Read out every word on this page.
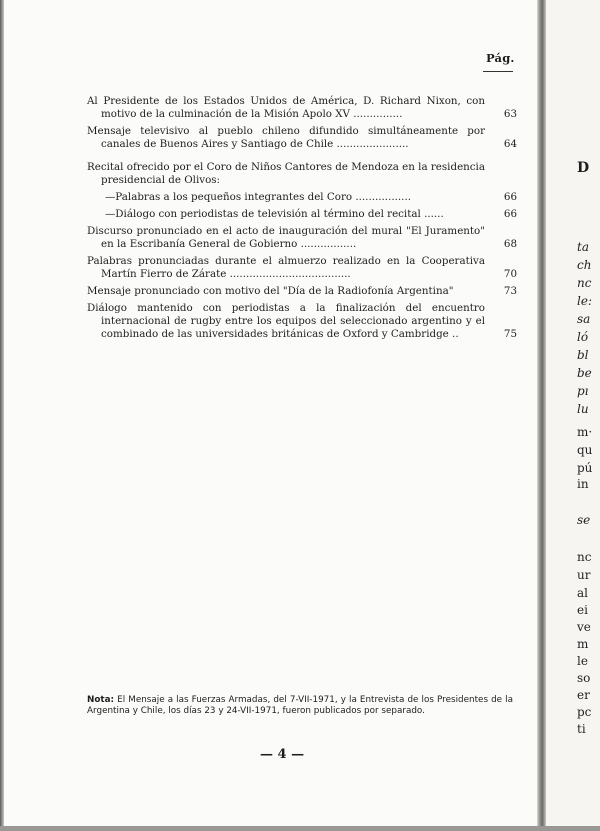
Pág.
Al Presidente de los Estados Unidos de América, D. Richard Nixon, con motivo de la culminación de la Misión Apolo XV ...............	63
Mensaje televisivo al pueblo chileno difundido simultáneamente por canales de Buenos Aires y Santiago de Chile ......................	64
Recital ofrecido por el Coro de Niños Cantores de Mendoza en la residencia presidencial de Olivos:
—Palabras a los pequeños integrantes del Coro .................	66
—Diálogo con periodistas de televisión al término del recital ......	66
Discurso pronunciado en el acto de inauguración del mural "El Juramento" en la Escribanía General de Gobierno .................	68
Palabras pronunciadas durante el almuerzo realizado en la Cooperativa Martín Fierro de Zárate .....................................	70
Mensaje pronunciado con motivo del "Día de la Radiofonía Argentina"	73
Diálogo mantenido con periodistas a la finalización del encuentro internacional de rugby entre los equipos del seleccionado argentino y el combinado de las universidades británicas de Oxford y Cambridge ..	75
Nota: El Mensaje a las Fuerzas Armadas, del 7-VII-1971, y la Entrevista de los Presidentes de la Argentina y Chile, los días 23 y 24-VII-1971, fueron publicados por separado.
— 4 —
D
ta
ch
nc
le:
sa
ló
bl
be
pı
lu
m·
qu
pú
in
se
nc
ur
al
ei
ve
m
le
so
er
pc
ti
